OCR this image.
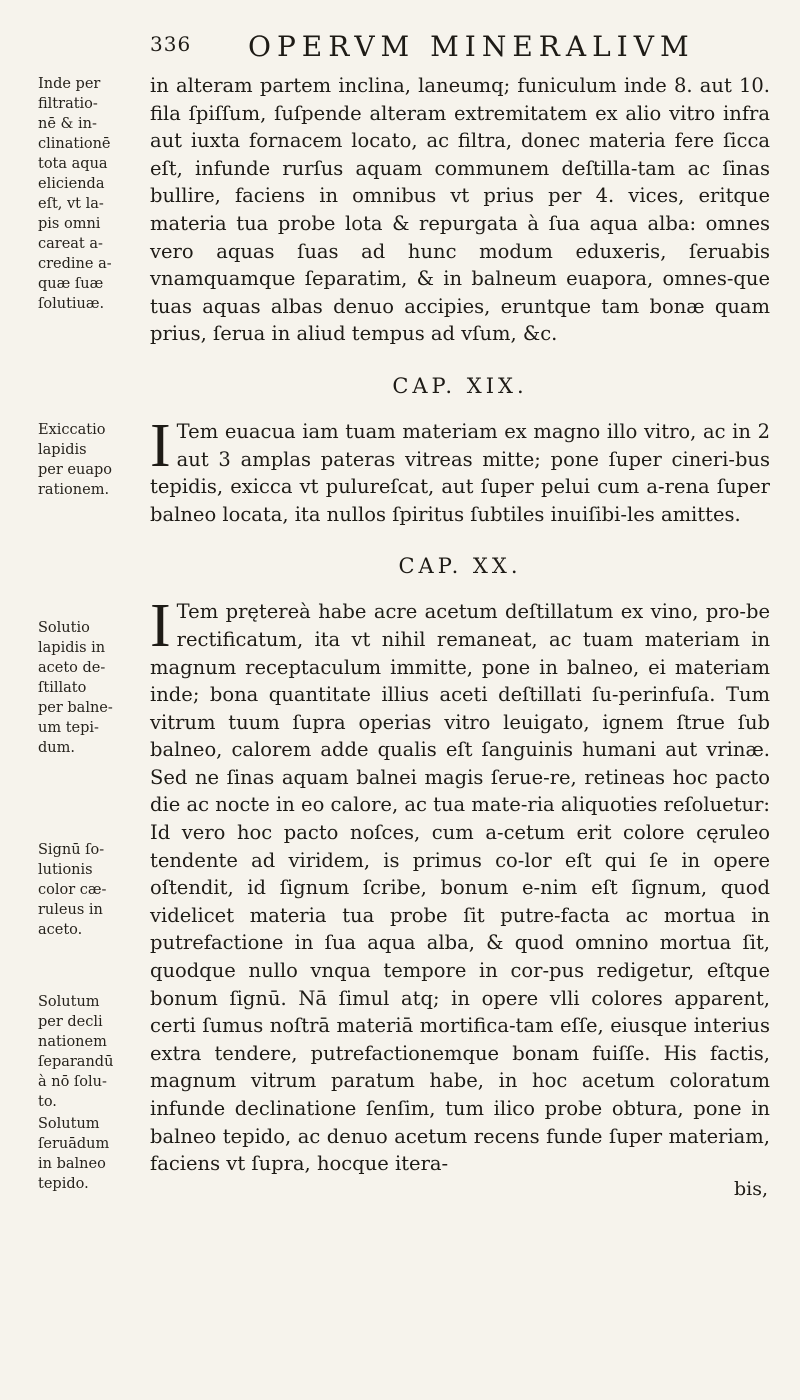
336 OPERVM MINERALIVM
Inde per
filtratio-
nē & in-
clinationē
tota aqua
elicienda
eſt, vt la-
pis omni
careat a-
credine a-
quæ ſuæ
ſolutiuæ.
Exiccatio
lapidis
per euapo
rationem.
Solutio
lapidis in
aceto de-
ſtillato
per balne-
um tepi-
dum.
Signū ſo-
lutionis
color cæ-
ruleus in
aceto.
Solutum
per decli
nationem
ſeparandū
à nō ſolu-
to.
Solutum
ſeruādum
in balneo
tepido.

in alteram partem inclina, laneumq; funiculum inde 8. aut 10. fila ſpiſſum, ſuſpende alteram extremitatem ex alio vitro infra aut iuxta fornacem locato, ac filtra, donec materia fere ſicca eſt, infunde rurſus aquam communem deſtilla-tam ac ſinas bullire, faciens in omnibus vt prius per 4. vices, eritque materia tua probe lota & repurgata à ſua aqua alba: omnes vero aquas ſuas ad hunc modum eduxeris, ſeruabis vnamquamque ſeparatim, & in balneum euapora, omnes-que tuas aquas albas denuo accipies, eruntque tam bonæ quam prius, ſerua in aliud tempus ad vſum, &c.

CAP. XIX.

I Tem euacua iam tuam materiam ex magno illo vitro, ac in 2 aut 3 amplas pateras vitreas mitte; pone ſuper cineri-bus tepidis, exicca vt pulureſcat, aut ſuper pelui cum a-rena ſuper balneo locata, ita nullos ſpiritus ſubtiles inuiſibi-les amittes.

CAP. XX.

I Tem prętereà habe acre acetum deſtillatum ex vino, pro-be rectificatum, ita vt nihil remaneat, ac tuam materiam in magnum receptaculum immitte, pone in balneo, ei materiam inde; bona quantitate illius aceti deſtillati ſu-perinfuſa. Tum vitrum tuum ſupra operias vitro leuigato, ignem ſtrue ſub balneo, calorem adde qualis eſt ſanguinis humani aut vrinæ. Sed ne ſinas aquam balnei magis ſerue-re, retineas hoc pacto die ac nocte in eo calore, ac tua mate-ria aliquoties reſoluetur: Id vero hoc pacto noſces, cum a-cetum erit colore cęruleo tendente ad viridem, is primus co-lor eſt qui ſe in opere oſtendit, id ſignum ſcribe, bonum e-nim eſt ſignum, quod videlicet materia tua probe ſit putre-facta ac mortua in putrefactione in ſua aqua alba, & quod omnino mortua ſit, quodque nullo vnqua tempore in cor-pus redigetur, eſtque bonum ſignū. Nā ſimul atq; in opere vlli colores apparent, certi ſumus noſtrā materiā mortifica-tam eſſe, eiusque interius extra tendere, putrefactionemque bonam fuiſſe. His factis, magnum vitrum paratum habe, in hoc acetum coloratum infunde declinatione ſenſim, tum ilico probe obtura, pone in balneo tepido, ac denuo acetum recens funde ſuper materiam, faciens vt ſupra, hocque itera-

bis,
